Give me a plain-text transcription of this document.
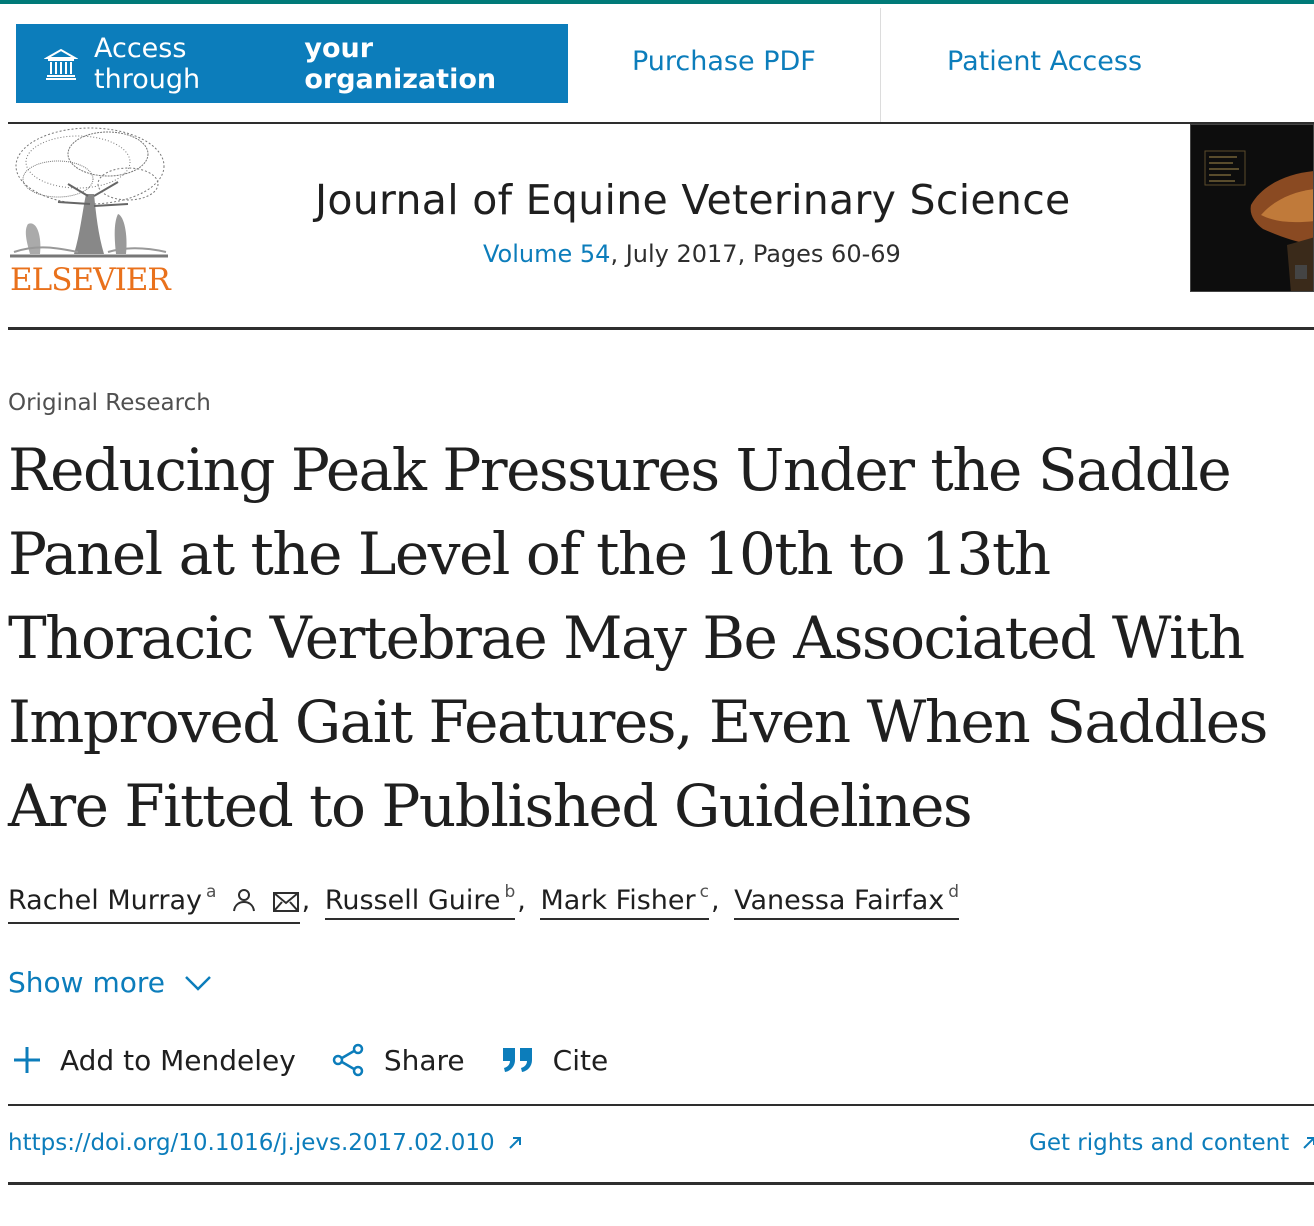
Access through
your organization
Purchase PDF	Patient Access
ELSEVIER
Journal of Equine Veterinary Science
Volume 54, July 2017, Pages 60-69
Original Research
Reducing Peak Pressures Under the Saddle Panel at the Level of the 10th to 13th Thoracic Vertebrae May Be Associated With Improved Gait Features, Even When Saddles Are Fitted to Published Guidelines
Rachel Murray $^a$	, Russell Guire $^b$, Mark Fisher $^c$, Vanessa Fairfax $^d$
Show more
Add to Mendeley	Share	Cite
https://doi.org/10.1016/j.jevs.2017.02.010	Get rights and content
